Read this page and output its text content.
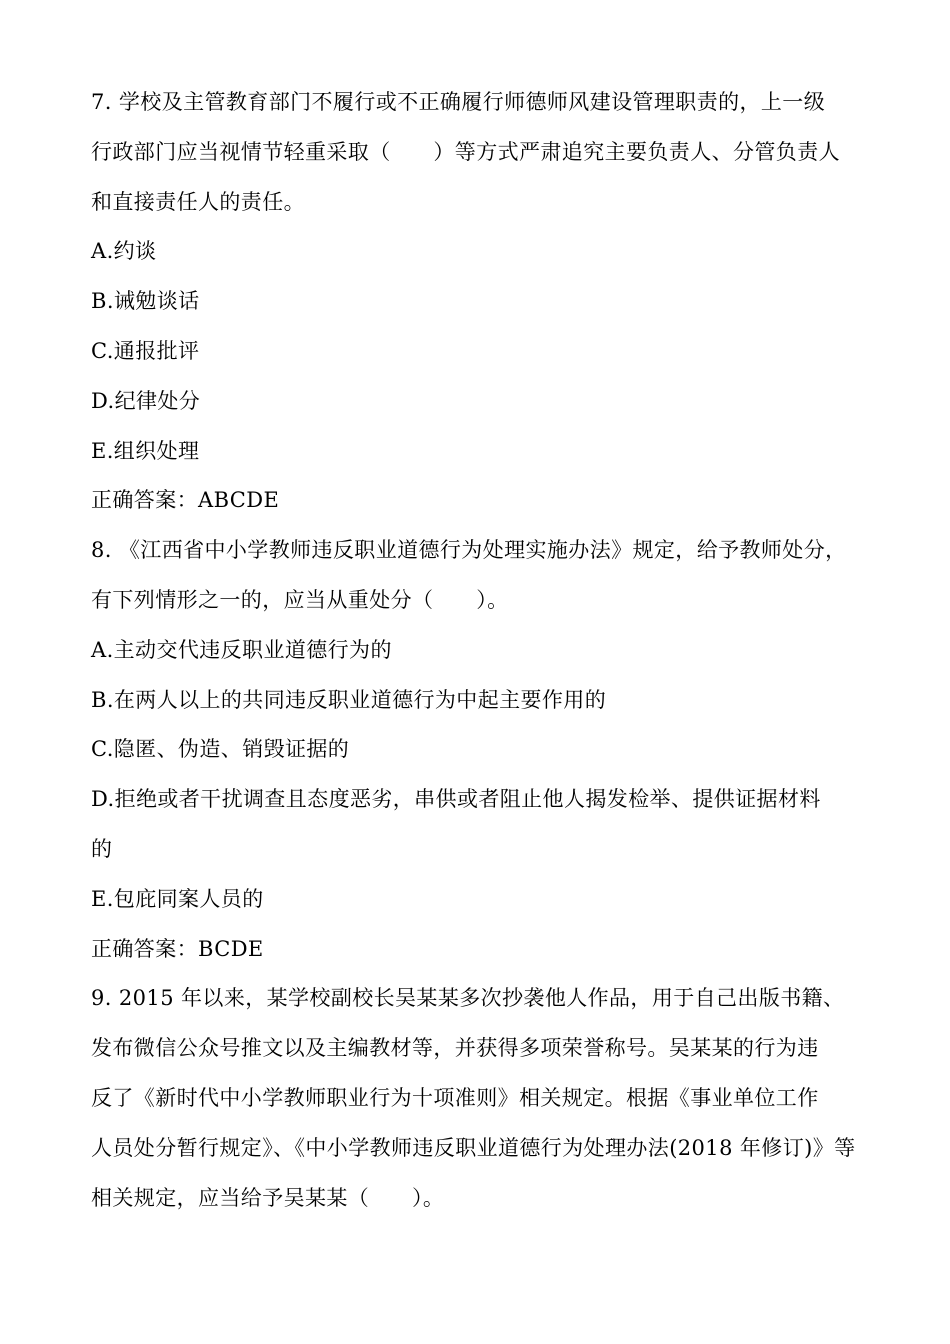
7. 学校及主管教育部门不履行或不正确履行师德师风建设管理职责的，上一级
行政部门应当视情节轻重采取（　　）等方式严肃追究主要负责人、分管负责人
和直接责任人的责任。
A.约谈
B.诫勉谈话
C.通报批评
D.纪律处分
E.组织处理
正确答案：ABCDE
8. 《江西省中小学教师违反职业道德行为处理实施办法》规定，给予教师处分，
有下列情形之一的，应当从重处分（　　）。
A.主动交代违反职业道德行为的
B.在两人以上的共同违反职业道德行为中起主要作用的
C.隐匿、伪造、销毁证据的
D.拒绝或者干扰调查且态度恶劣，串供或者阻止他人揭发检举、提供证据材料
的
E.包庇同案人员的
正确答案：BCDE
9. 2015 年以来，某学校副校长吴某某多次抄袭他人作品，用于自己出版书籍、
发布微信公众号推文以及主编教材等，并获得多项荣誉称号。吴某某的行为违
反了《新时代中小学教师职业行为十项准则》相关规定。根据《事业单位工作
人员处分暂行规定》、《中小学教师违反职业道德行为处理办法(2018 年修订)》等
相关规定，应当给予吴某某（　　）。
